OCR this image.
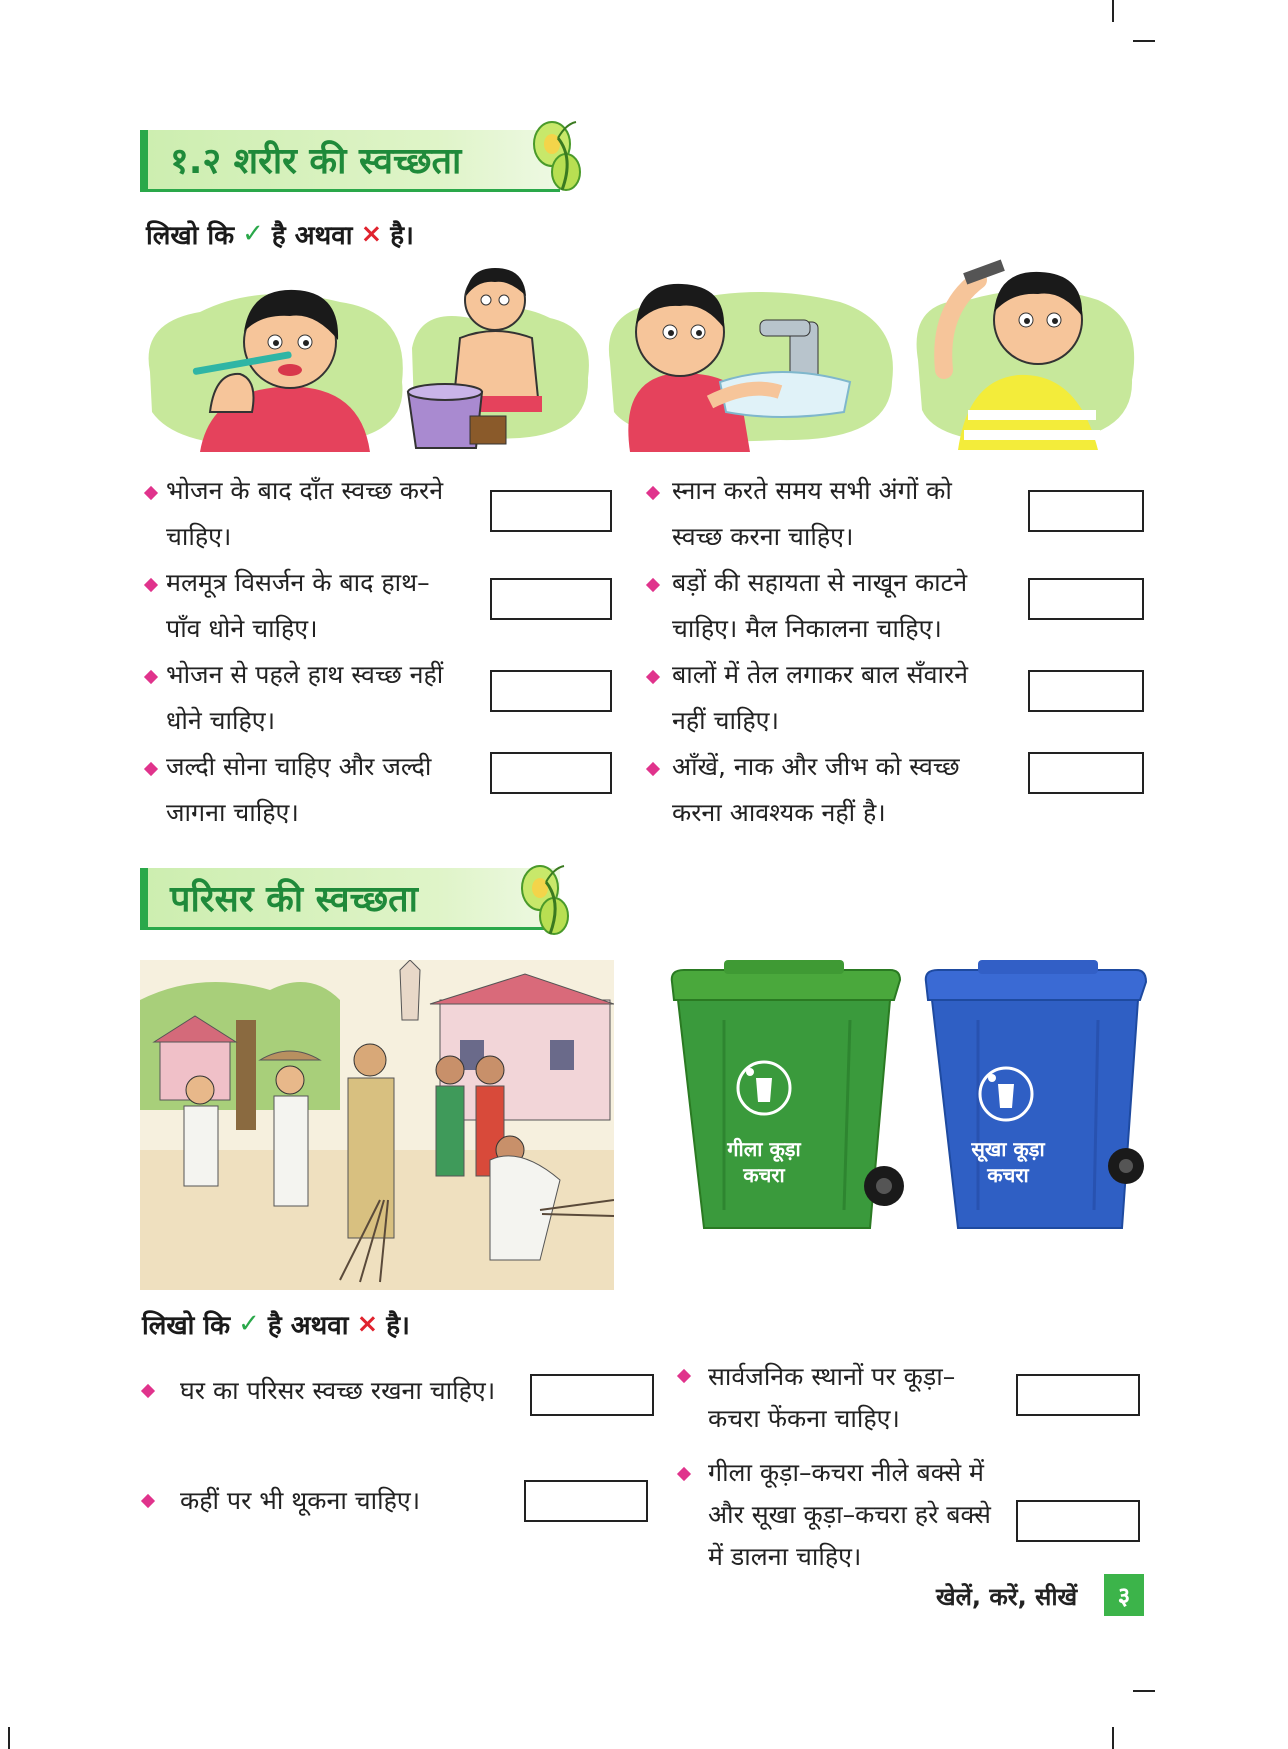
१.२ शरीर की स्वच्छता
लिखो कि ✓ है अथवा × है।
भोजन के बाद दाँत स्वच्छ करने
चाहिए।
मलमूत्र विसर्जन के बाद हाथ–
पाँव धोने चाहिए।
भोजन से पहले हाथ स्वच्छ नहीं
धोने चाहिए।
जल्दी सोना चाहिए और जल्दी
जागना चाहिए।
स्नान करते समय सभी अंगों को
स्वच्छ करना चाहिए।
बड़ों की सहायता से नाखून काटने
चाहिए। मैल निकालना चाहिए।
बालों में तेल लगाकर बाल सँवारने
नहीं चाहिए।
आँखें, नाक और जीभ को स्वच्छ
करना आवश्यक नहीं है।
परिसर की स्वच्छता
गीला कूड़ा
कचरा
सूखा कूड़ा
कचरा
लिखो कि ✓ है अथवा × है।
घर का परिसर स्वच्छ रखना चाहिए।
कहीं पर भी थूकना चाहिए।
सार्वजनिक स्थानों पर कूड़ा–
कचरा फेंकना चाहिए।
गीला कूड़ा–कचरा नीले बक्से में
और सूखा कूड़ा–कचरा हरे बक्से
में डालना चाहिए।
खेलें, करें, सीखें	३
